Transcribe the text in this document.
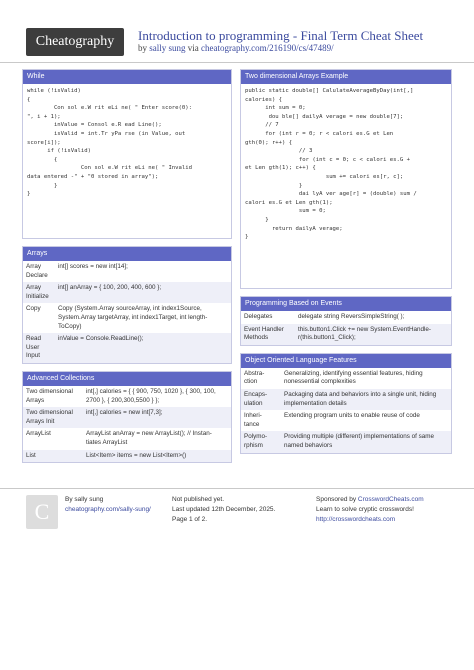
Cheatography	Introduction to programming - Final Term Cheat Sheet
by sally sung via cheatography.com/216190/cs/47489/
While
while (!isValid)
{
Con sol e.W rit eLi ne( " Enter score(0):
", i + 1);
inValue = Consol e.R ead Line();
isValid = int.Tr yPa rse (in Value, out
score[i]);
if (!isValid)
{
Con sol e.W rit eLi ne( " Invalid
data entered -" + "0 stored in array");
}
}
Arrays
Array
Declare	int[] scores = new int[14];
Array
Initialize	int[] anArray = { 100, 200, 400, 600 };
Copy	Copy (System.Array sourceArray, int index1Source,
System.Array targetArray, int index1Target, int length-
ToCopy)
Read
User
Input	inValue = Console.ReadLine();
Advanced Collections
Two dimensional
Arrays	int[,] calories = { { 900, 750, 1020 }, { 300, 100,
2700 }, { 200,300,5500 } };
Two dimensional
Arrays Init	int[,] calories = new int[7,3];
ArrayList	ArrayList anArray = new ArrayList(); // Instan-
tiates ArrayList
List	List<Item> items = new List<Item>()
Two dimensional Arrays Example
public static double[] CalulateAverageByDay(int[,]
calories) {
int sum = 0;
dou ble[] dailyA verage = new double[7];
// 7
for (int r = 0; r < calori es.G et Len
gth(0); r++) {
// 3
for (int c = 0; c < calori es.G +
et Len gth(1); c++) {
sum += calori es[r, c];
}
dai lyA ver age[r] = (double) sum /
calori es.G et Len gth(1);
sum = 0;
}
return dailyA verage;
}
Programming Based on Events
Delegates	delegate string ReversSimpleString( );
Event Handler
Methods	this.button1.Click += new System.EventHandle-
r(this.button1_Click);
Object Oriented Language Features
Abstra-
ction	Generalizing, identifying essential features, hiding
nonessential complexities
Encaps-
ulation	Packaging data and behaviors into a single unit, hiding
implementation details
Inheri-
tance	Extending program units to enable reuse of code
Polymo-
rphism	Providing multiple (different) implementations of same
named behaviors
C	By sally sung
cheatography.com/sally-sung/
Not published yet.
Last updated 12th December, 2025.
Page 1 of 2.
Sponsored by CrosswordCheats.com
Learn to solve cryptic crosswords!
http://crosswordcheats.com
